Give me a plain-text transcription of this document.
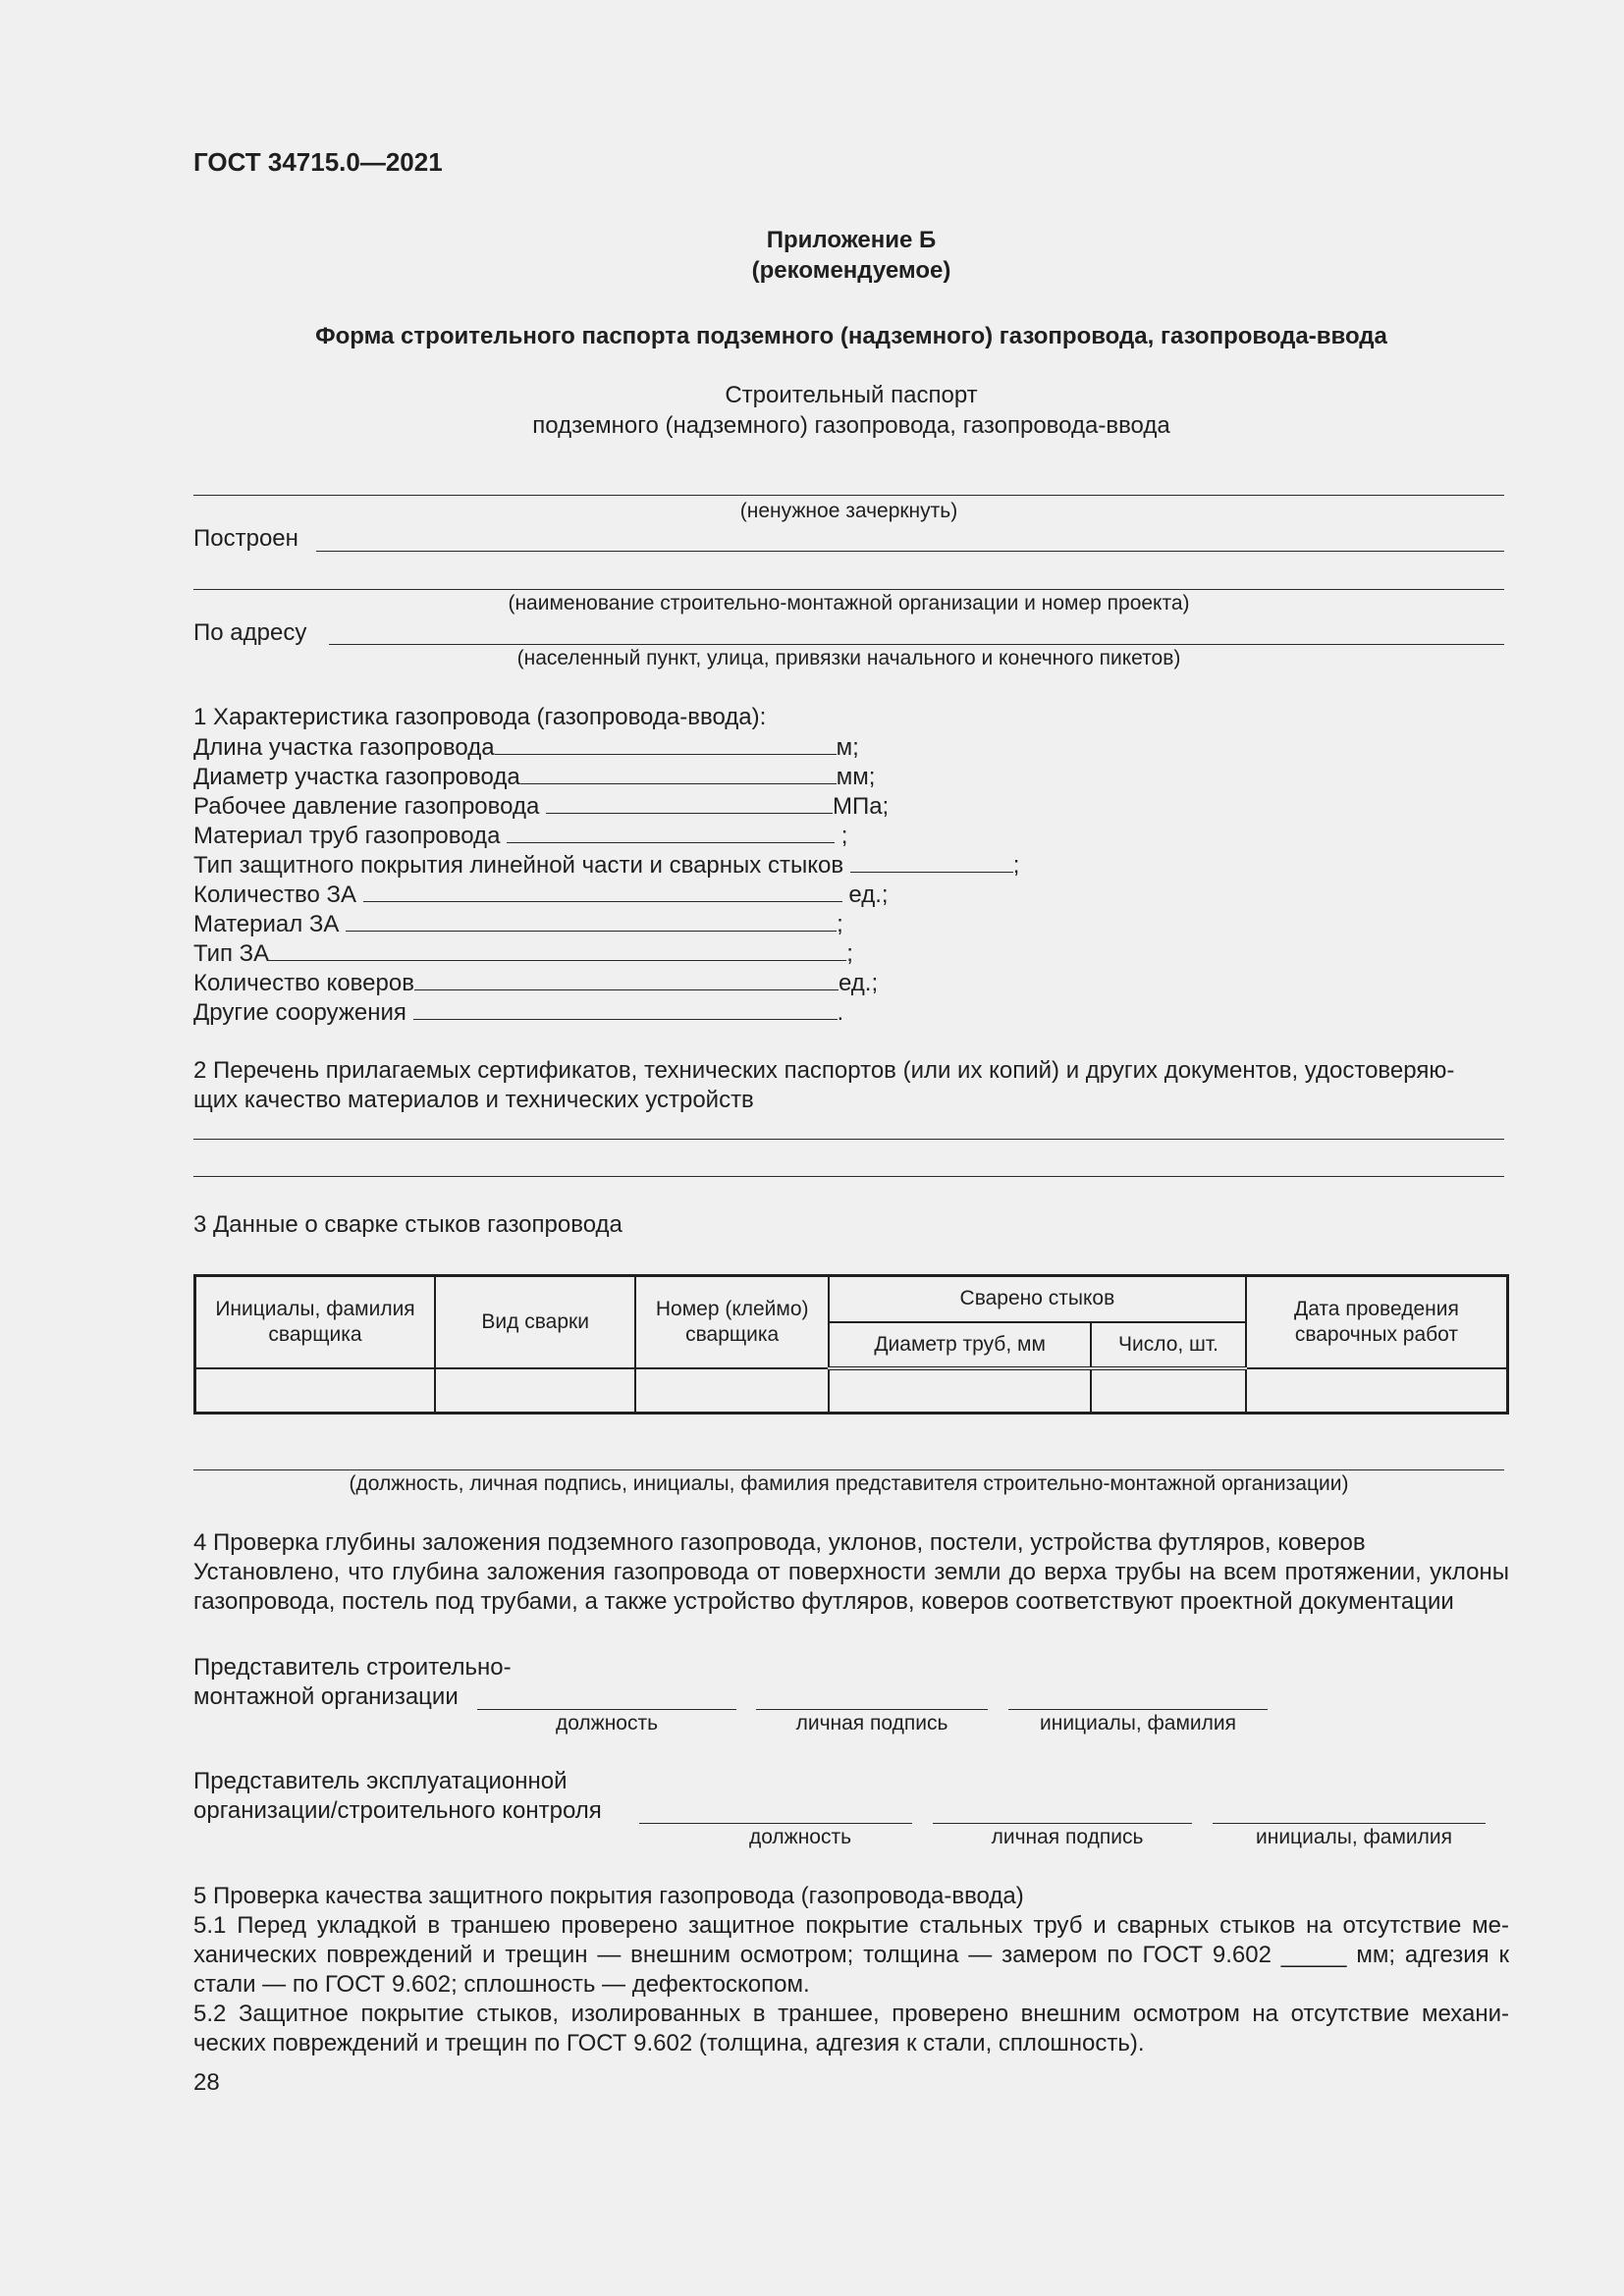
ГОСТ 34715.0—2021
Приложение Б
(рекомендуемое)
Форма строительного паспорта подземного (надземного) газопровода, газопровода-ввода
Строительный паспорт
подземного (надземного) газопровода, газопровода-ввода
(ненужное зачеркнуть)
Построен
(наименование строительно-монтажной организации и номер проекта)
По адресу
(населенный пункт, улица, привязки начального и конечного пикетов)
1 Характеристика газопровода (газопровода-ввода):
Длина участка газопровода	м;
Диаметр участка газопровода	мм;
Рабочее давление газопровода	МПа;
Материал труб газопровода	;
Тип защитного покрытия линейной части и сварных стыков	;
Количество ЗА	ед.;
Материал ЗА	;
Тип ЗА	;
Количество коверов	ед.;
Другие сооружения	.
2 Перечень прилагаемых сертификатов, технических паспортов (или их копий) и других документов, удостоверяю-
щих качество материалов и технических устройств
3 Данные о сварке стыков газопровода
Инициалы, фамилия сварщика	Вид сварки	Номер (клеймо) сварщика	Сварено стыков		Дата проведения сварочных работ
			Диаметр труб, мм	Число, шт.	

(должность, личная подпись, инициалы, фамилия представителя строительно-монтажной организации)
4 Проверка глубины заложения подземного газопровода, уклонов, постели, устройства футляров, коверов
Установлено, что глубина заложения газопровода от поверхности земли до верха трубы на всем протяжении, уклоны
газопровода, постель под трубами, а также устройство футляров, коверов соответствуют проектной документации
Представитель строительно-
монтажной организации
должность	личная подпись	инициалы, фамилия
Представитель эксплуатационной
организации/строительного контроля
должность	личная подпись	инициалы, фамилия
5 Проверка качества защитного покрытия газопровода (газопровода-ввода)
5.1 Перед укладкой в траншею проверено защитное покрытие стальных труб и сварных стыков на отсутствие ме-
ханических повреждений и трещин — внешним осмотром; толщина — замером по ГОСТ 9.602 _____ мм; адгезия к
стали — по ГОСТ 9.602; сплошность — дефектоскопом.
5.2 Защитное покрытие стыков, изолированных в траншее, проверено внешним осмотром на отсутствие механи-
ческих повреждений и трещин по ГОСТ 9.602 (толщина, адгезия к стали, сплошность).
28
